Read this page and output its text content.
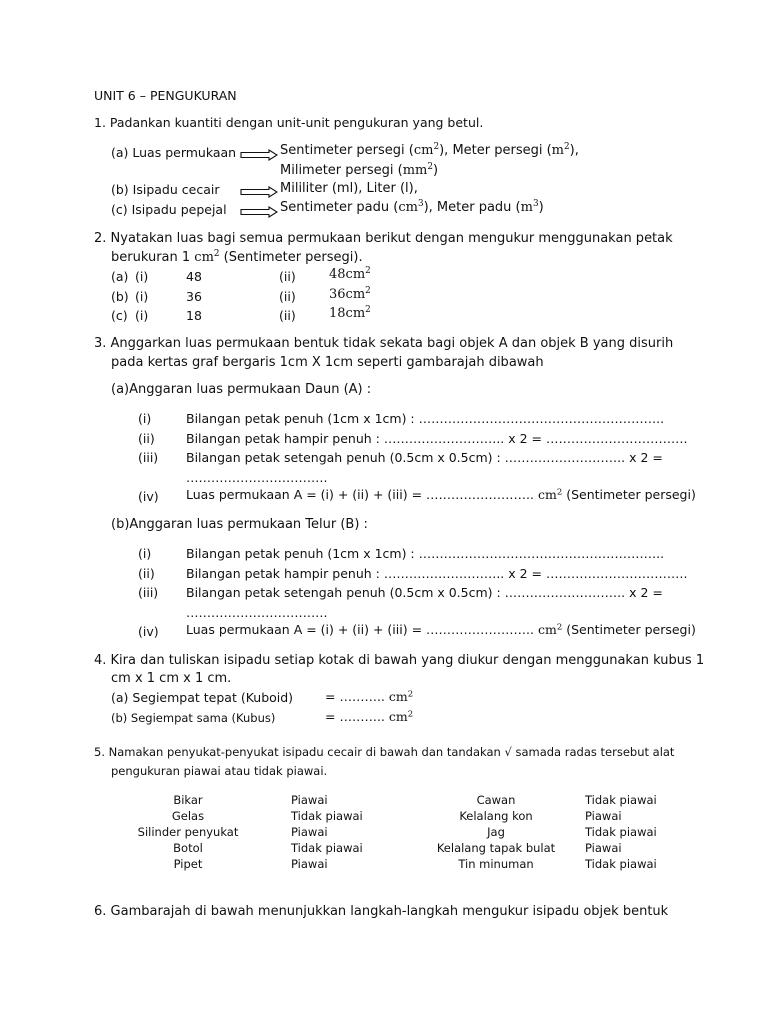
UNIT 6 – PENGUKURAN
1. Padankan kuantiti dengan unit-unit pengukuran yang betul.
(a) Luas permukaan	Sentimeter persegi $(cm^2)$, Meter persegi $(m^2)$,
Milimeter persegi $(mm^2)$
(b) Isipadu cecair	Mililiter (ml), Liter (l),
(c) Isipadu pepejal	Sentimeter padu $(cm^3)$, Meter padu $(m^3)$
2. Nyatakan luas bagi semua permukaan berikut dengan mengukur menggunakan petak
berukuran 1 $cm^2$ (Sentimeter persegi).
(a) (i)	48	(ii)	$48cm^2$
(b) (i)	36	(ii)	$36cm^2$
(c) (i)	18	(ii)	$18cm^2$
3. Anggarkan luas permukaan bentuk tidak sekata bagi objek A dan objek B yang disurih
pada kertas graf bergaris 1cm X 1cm seperti gambarajah dibawah
(a)Anggaran luas permukaan Daun (A) :
(i)	Bilangan petak penuh (1cm x 1cm) : …………………………………………………..
(ii)	Bilangan petak hampir penuh : ……………………….. x 2 = …………………………….
(iii) Bilangan petak setengah penuh (0.5cm x 0.5cm) : ……………………….. x 2 =
…………………………….
(iv) Luas permukaan A = (i) + (ii) + (iii) = …………………….. $cm^2$ (Sentimeter persegi)
(b)Anggaran luas permukaan Telur (B) :
(i)	Bilangan petak penuh (1cm x 1cm) : …………………………………………………..
(ii)	Bilangan petak hampir penuh : ……………………….. x 2 = …………………………….
(iii) Bilangan petak setengah penuh (0.5cm x 0.5cm) : ……………………….. x 2 =
…………………………….
(iv) Luas permukaan A = (i) + (ii) + (iii) = …………………….. $cm^2$ (Sentimeter persegi)
4. Kira dan tuliskan isipadu setiap kotak di bawah yang diukur dengan menggunakan kubus 1
cm x 1 cm x 1 cm.
(a) Segiempat tepat (Kuboid)	= ……….. $cm^2$
(b) Segiempat sama (Kubus)	= ……….. $cm^2$
5. Namakan penyukat-penyukat isipadu cecair di bawah dan tandakan √ samada radas tersebut alat
pengukuran piawai atau tidak piawai.
Bikar	Piawai	Cawan	Tidak piawai
Gelas	Tidak piawai	Kelalang kon	Piawai
Silinder penyukat	Piawai	Jag	Tidak piawai
Botol	Tidak piawai	Kelalang tapak bulat	Piawai
Pipet	Piawai	Tin minuman	Tidak piawai
6. Gambarajah di bawah menunjukkan langkah-langkah mengukur isipadu objek bentuk
